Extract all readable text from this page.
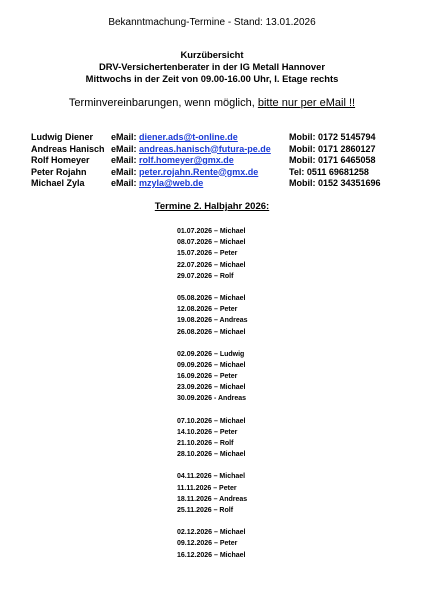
Bekanntmachung-Termine - Stand: 13.01.2026
Kurzübersicht
DRV-Versichertenberater in der IG Metall Hannover
Mittwochs in der Zeit von 09.00-16.00 Uhr, I. Etage rechts
Terminvereinbarungen, wenn möglich, bitte nur per eMail !!
Ludwig Diener eMail: diener.ads@t-online.de	Mobil: 0172 5145794
Andreas Hanisch eMail: andreas.hanisch@futura-pe.de Mobil: 0171 2860127
Rolf Homeyer eMail: rolf.homeyer@gmx.de	Mobil: 0171 6465058
Peter Rojahn	eMail: peter.rojahn.Rente@gmx.de	Tel: 0511 69681258
Michael Zyla	eMail: mzyla@web.de	Mobil: 0152 34351696
Termine 2. Halbjahr 2026:
01.07.2026 – Michael
08.07.2026 – Michael
15.07.2026 – Peter
22.07.2026 – Michael
29.07.2026 – Rolf
05.08.2026 – Michael
12.08.2026 – Peter
19.08.2026 – Andreas
26.08.2026 – Michael
02.09.2026 – Ludwig
09.09.2026 – Michael
16.09.2026 – Peter
23.09.2026 – Michael
30.09.2026 - Andreas
07.10.2026 – Michael
14.10.2026 – Peter
21.10.2026 – Rolf
28.10.2026 – Michael
04.11.2026 – Michael
11.11.2026 – Peter
18.11.2026 – Andreas
25.11.2026 – Rolf
02.12.2026 – Michael
09.12.2026 – Peter
16.12.2026 – Michael
